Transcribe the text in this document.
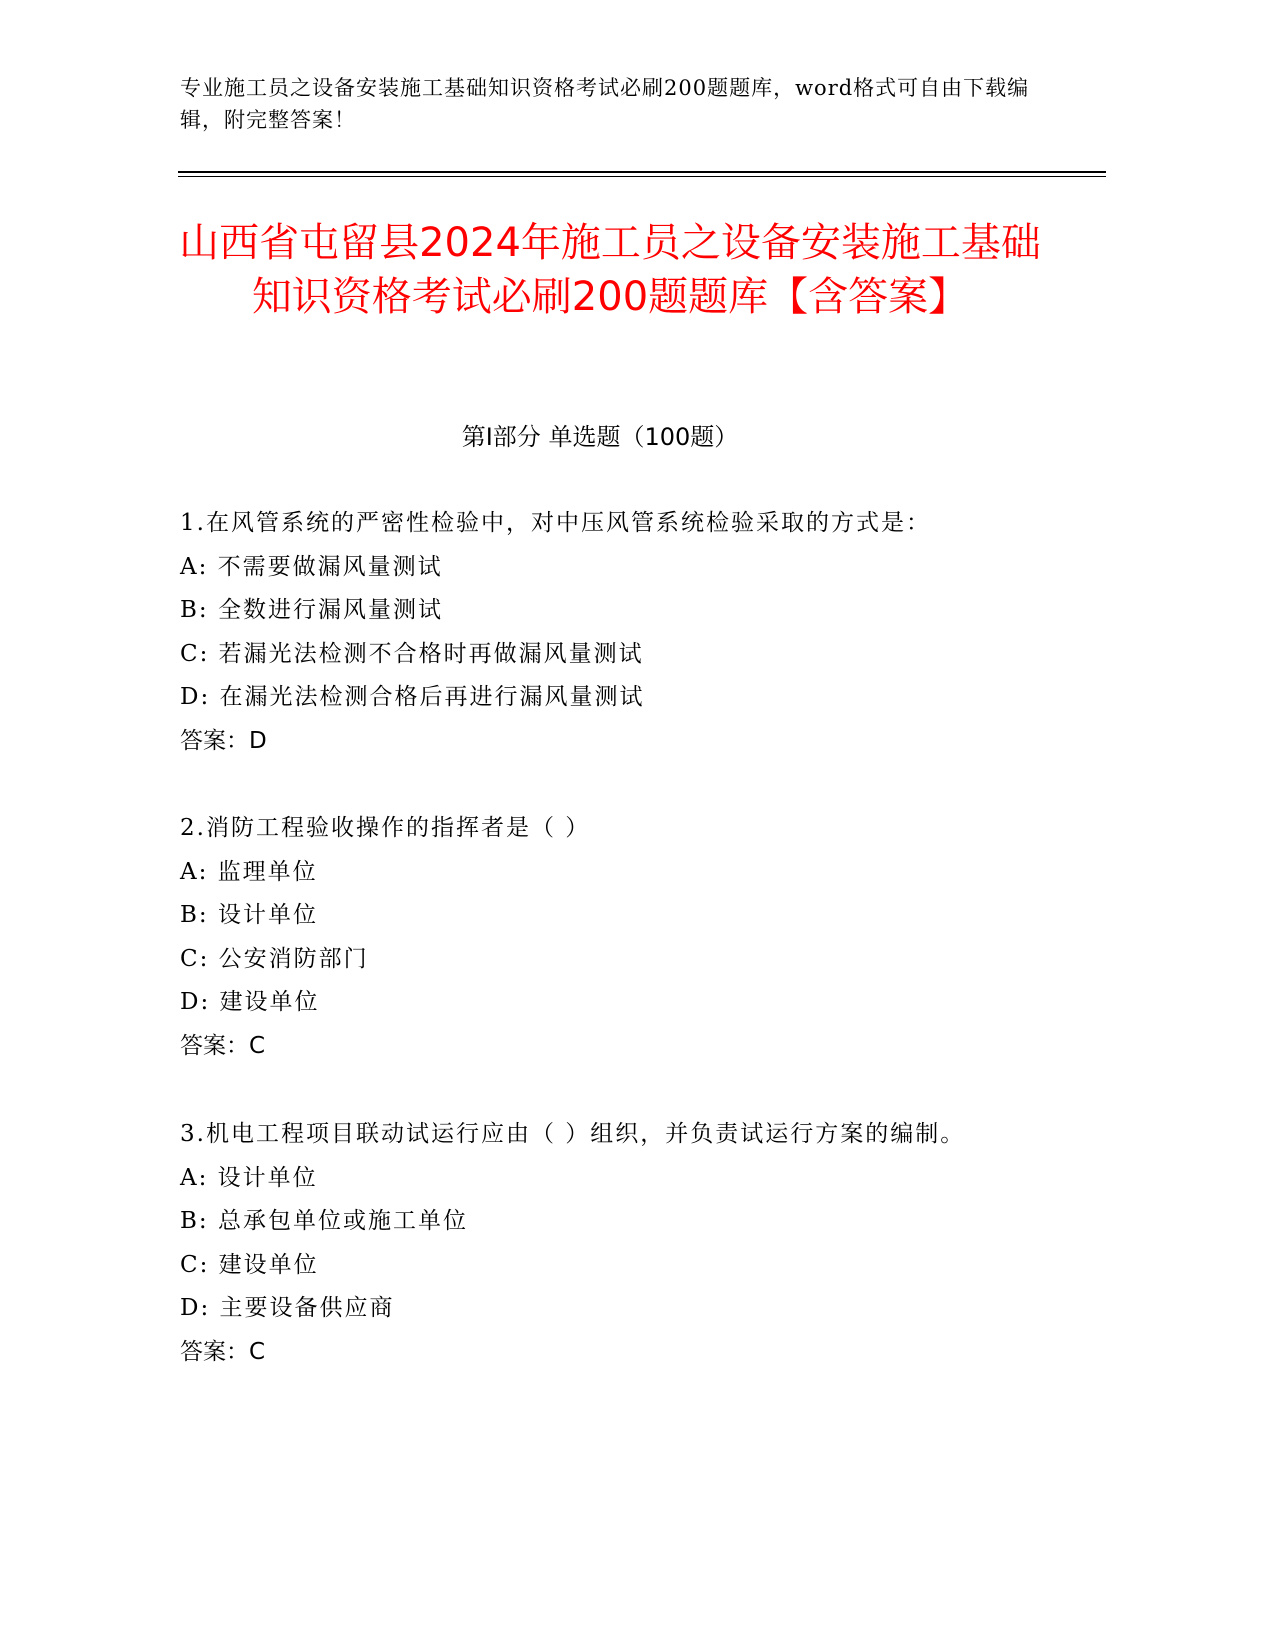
专业施工员之设备安装施工基础知识资格考试必刷200题题库，word格式可自由下载编辑，附完整答案！
山西省屯留县2024年施工员之设备安装施工基础知识资格考试必刷200题题库【含答案】
第Ⅰ部分 单选题（100题）

1.在风管系统的严密性检验中，对中压风管系统检验采取的方式是：

A: 不需要做漏风量测试

B: 全数进行漏风量测试

C: 若漏光法检测不合格时再做漏风量测试

D: 在漏光法检测合格后再进行漏风量测试

答案：D

2.消防工程验收操作的指挥者是（ ）

A: 监理单位

B: 设计单位

C: 公安消防部门

D: 建设单位

答案：C

3.机电工程项目联动试运行应由（ ）组织，并负责试运行方案的编制。

A: 设计单位

B: 总承包单位或施工单位

C: 建设单位

D: 主要设备供应商

答案：C
